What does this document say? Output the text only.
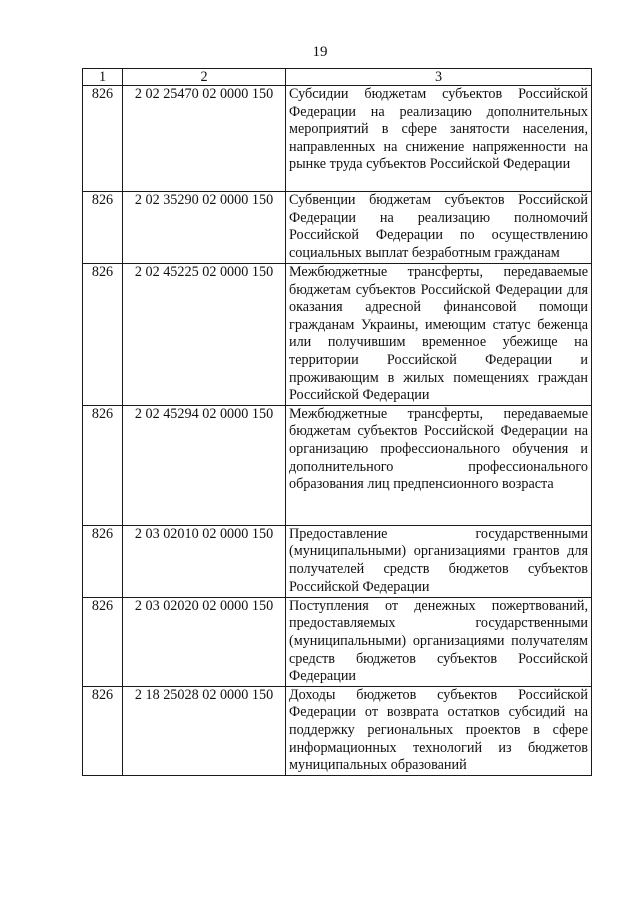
19
1	2	3
826	2 02 25470 02 0000 150	Субсидии бюджетам субъектов Российской Федерации на реализацию дополнительных мероприятий в сфере занятости населения, направленных на снижение напряженности на рынке труда субъектов Российской Федерации
826	2 02 35290 02 0000 150	Субвенции бюджетам субъектов Российской Федерации на реализацию полномочий Российской Федерации по осуществлению социальных выплат безработным гражданам
826	2 02 45225 02 0000 150	Межбюджетные трансферты, передаваемые бюджетам субъектов Российской Федерации для оказания адресной финансовой помощи гражданам Украины, имеющим статус беженца или получившим временное убежище на территории Российской Федерации и проживающим в жилых помещениях граждан Российской Федерации
826	2 02 45294 02 0000 150	Межбюджетные трансферты, передаваемые бюджетам субъектов Российской Федерации на организацию профессионального обучения и дополнительного профессионального образования лиц предпенсионного возраста
826	2 03 02010 02 0000 150	Предоставление государственными (муниципальными) организациями грантов для получателей средств бюджетов субъектов Российской Федерации
826	2 03 02020 02 0000 150	Поступления от денежных пожертвований, предоставляемых государственными (муниципальными) организациями получателям средств бюджетов субъектов Российской Федерации
826	2 18 25028 02 0000 150	Доходы бюджетов субъектов Российской Федерации от возврата остатков субсидий на поддержку региональных проектов в сфере информационных технологий из бюджетов муниципальных образований
